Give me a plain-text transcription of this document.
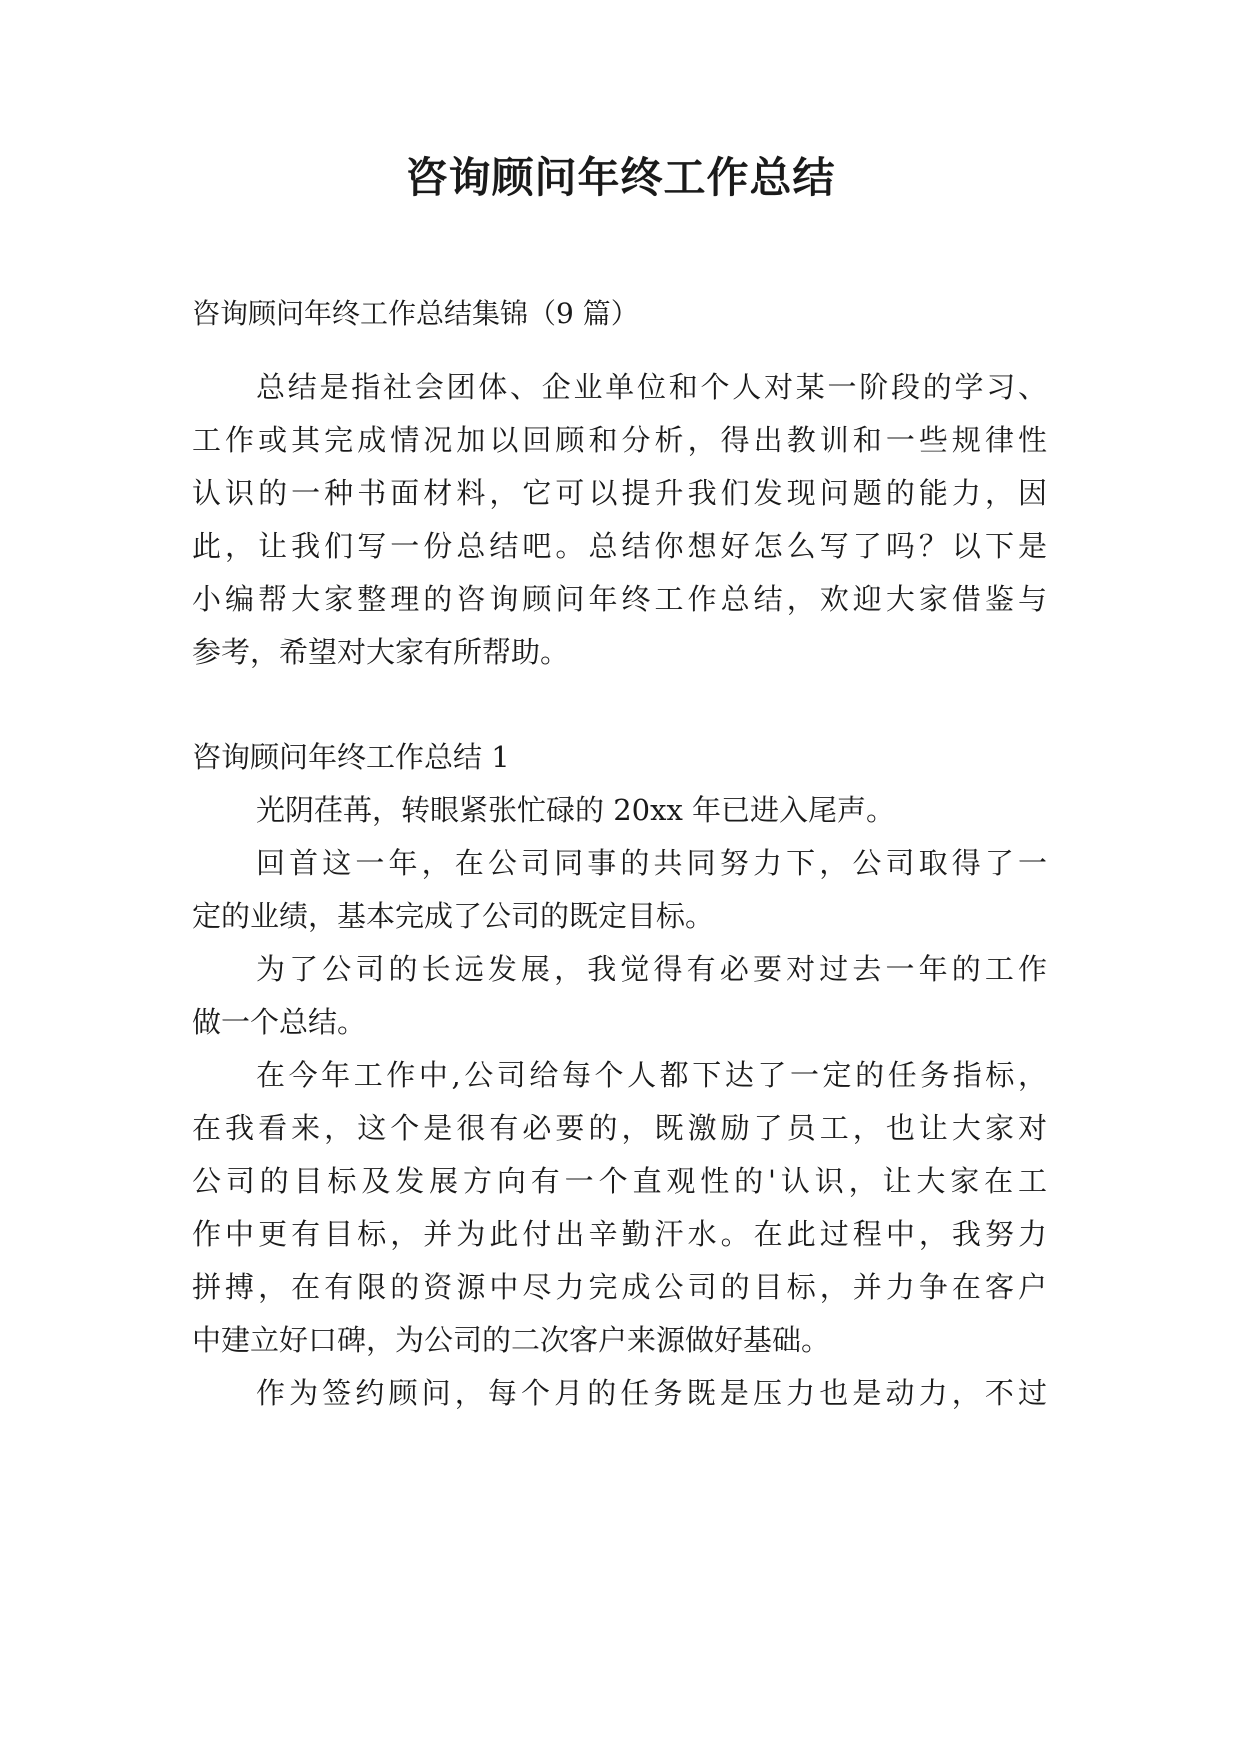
咨询顾问年终工作总结

咨询顾问年终工作总结集锦（9 篇）

总结是指社会团体、企业单位和个人对某一阶段的学习、

工作或其完成情况加以回顾和分析，得出教训和一些规律性

认识的一种书面材料，它可以提升我们发现问题的能力，因

此，让我们写一份总结吧。总结你想好怎么写了吗？以下是

小编帮大家整理的咨询顾问年终工作总结，欢迎大家借鉴与

参考，希望对大家有所帮助。

咨询顾问年终工作总结 1

光阴荏苒，转眼紧张忙碌的 20xx 年已进入尾声。

回首这一年，在公司同事的共同努力下，公司取得了一

定的业绩，基本完成了公司的既定目标。

为了公司的长远发展，我觉得有必要对过去一年的工作

做一个总结。

在今年工作中,公司给每个人都下达了一定的任务指标，

在我看来，这个是很有必要的，既激励了员工，也让大家对

公司的目标及发展方向有一个直观性的'认识，让大家在工

作中更有目标，并为此付出辛勤汗水。在此过程中，我努力

拼搏，在有限的资源中尽力完成公司的目标，并力争在客户

中建立好口碑，为公司的二次客户来源做好基础。

作为签约顾问，每个月的任务既是压力也是动力，不过
